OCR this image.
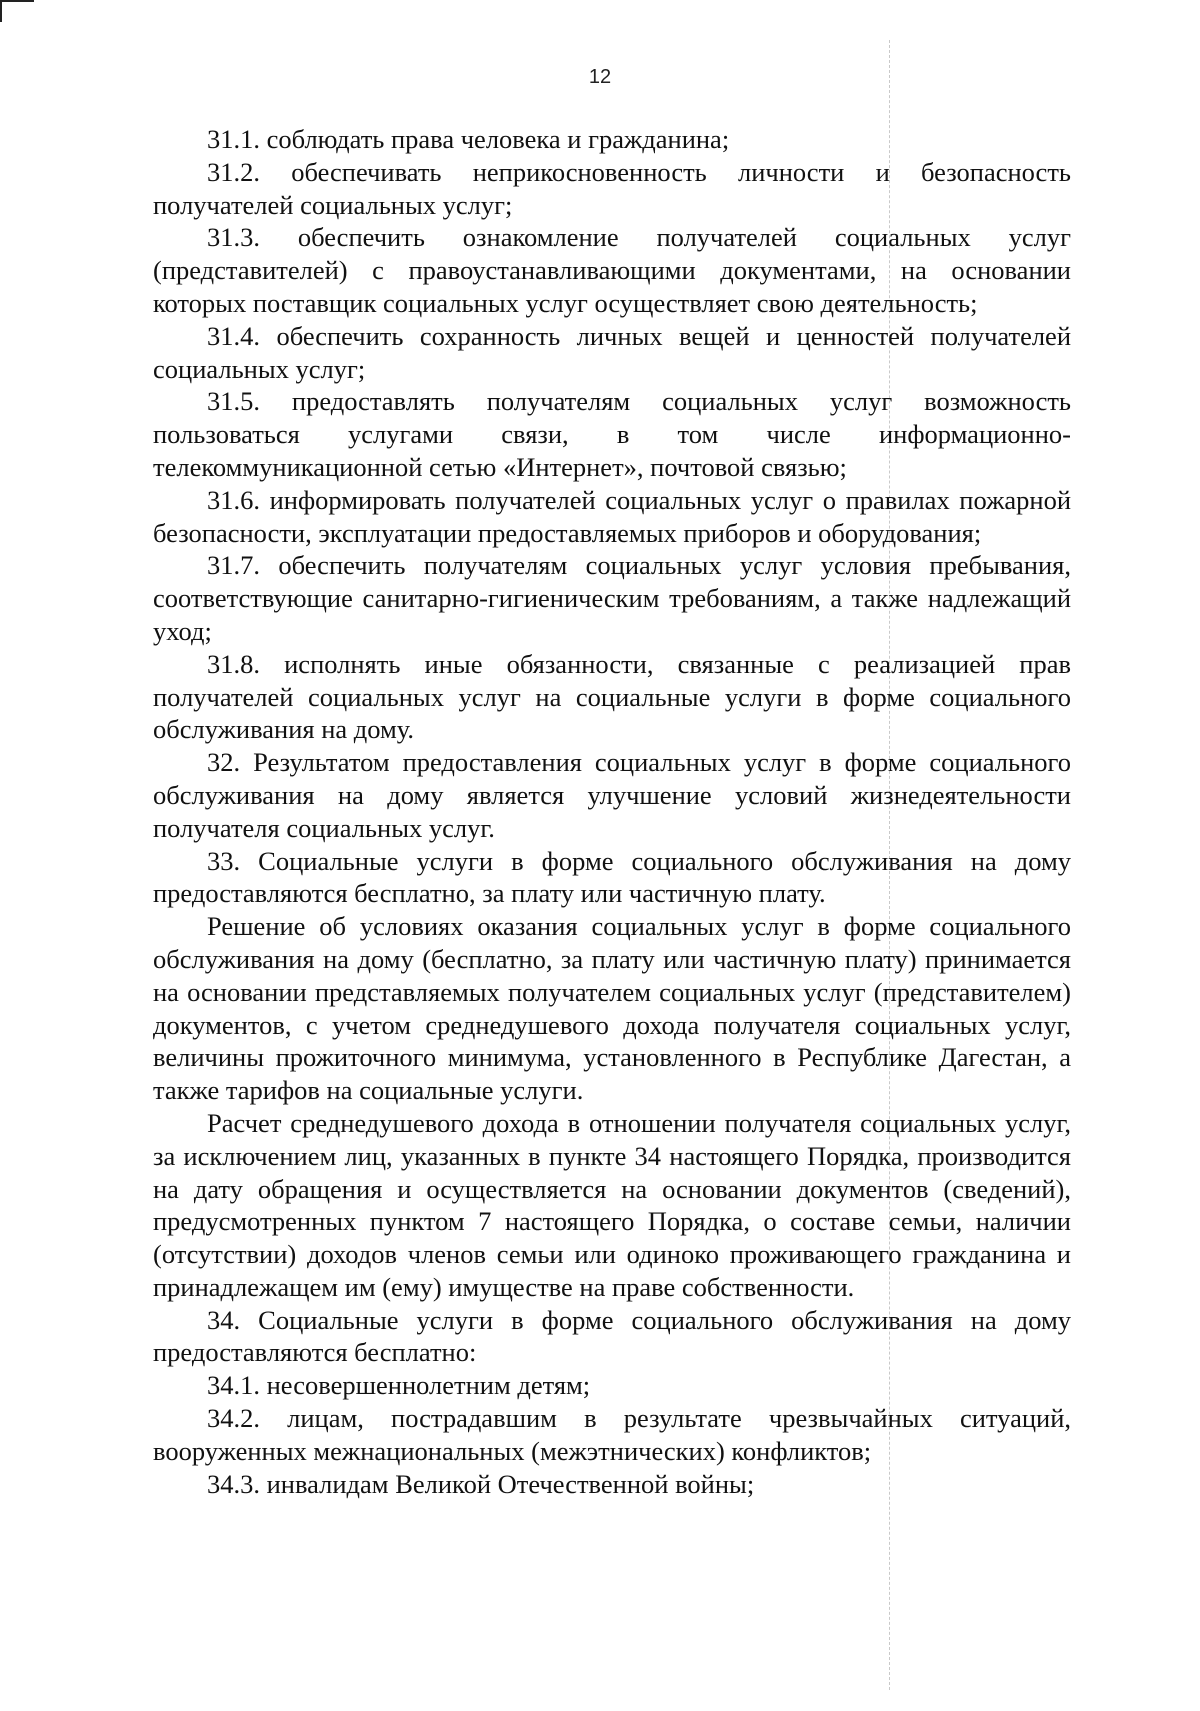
12

31.1. соблюдать права человека и гражданина;

31.2. обеспечивать неприкосновенность личности и безопасность получателей социальных услуг;

31.3. обеспечить ознакомление получателей социальных услуг (представителей) с правоустанавливающими документами, на основании которых поставщик социальных услуг осуществляет свою деятельность;

31.4. обеспечить сохранность личных вещей и ценностей получателей социальных услуг;

31.5. предоставлять получателям социальных услуг возможность пользоваться услугами связи, в том числе информационно-телекоммуникационной сетью «Интернет», почтовой связью;

31.6. информировать получателей социальных услуг о правилах пожарной безопасности, эксплуатации предоставляемых приборов и оборудования;

31.7. обеспечить получателям социальных услуг условия пребывания, соответствующие санитарно-гигиеническим требованиям, а также надлежащий уход;

31.8. исполнять иные обязанности, связанные с реализацией прав получателей социальных услуг на социальные услуги в форме социального обслуживания на дому.

32. Результатом предоставления социальных услуг в форме социального обслуживания на дому является улучшение условий жизнедеятельности получателя социальных услуг.

33. Социальные услуги в форме социального обслуживания на дому предоставляются бесплатно, за плату или частичную плату.

Решение об условиях оказания социальных услуг в форме социального обслуживания на дому (бесплатно, за плату или частичную плату) принимается на основании представляемых получателем социальных услуг (представителем) документов, с учетом среднедушевого дохода получателя социальных услуг, величины прожиточного минимума, установленного в Республике Дагестан, а также тарифов на социальные услуги.

Расчет среднедушевого дохода в отношении получателя социальных услуг, за исключением лиц, указанных в пункте 34 настоящего Порядка, производится на дату обращения и осуществляется на основании документов (сведений), предусмотренных пунктом 7 настоящего Порядка, о составе семьи, наличии (отсутствии) доходов членов семьи или одиноко проживающего гражданина и принадлежащем им (ему) имуществе на праве собственности.

34. Социальные услуги в форме социального обслуживания на дому предоставляются бесплатно:

34.1. несовершеннолетним детям;

34.2. лицам, пострадавшим в результате чрезвычайных ситуаций, вооруженных межнациональных (межэтнических) конфликтов;

34.3. инвалидам Великой Отечественной войны;
